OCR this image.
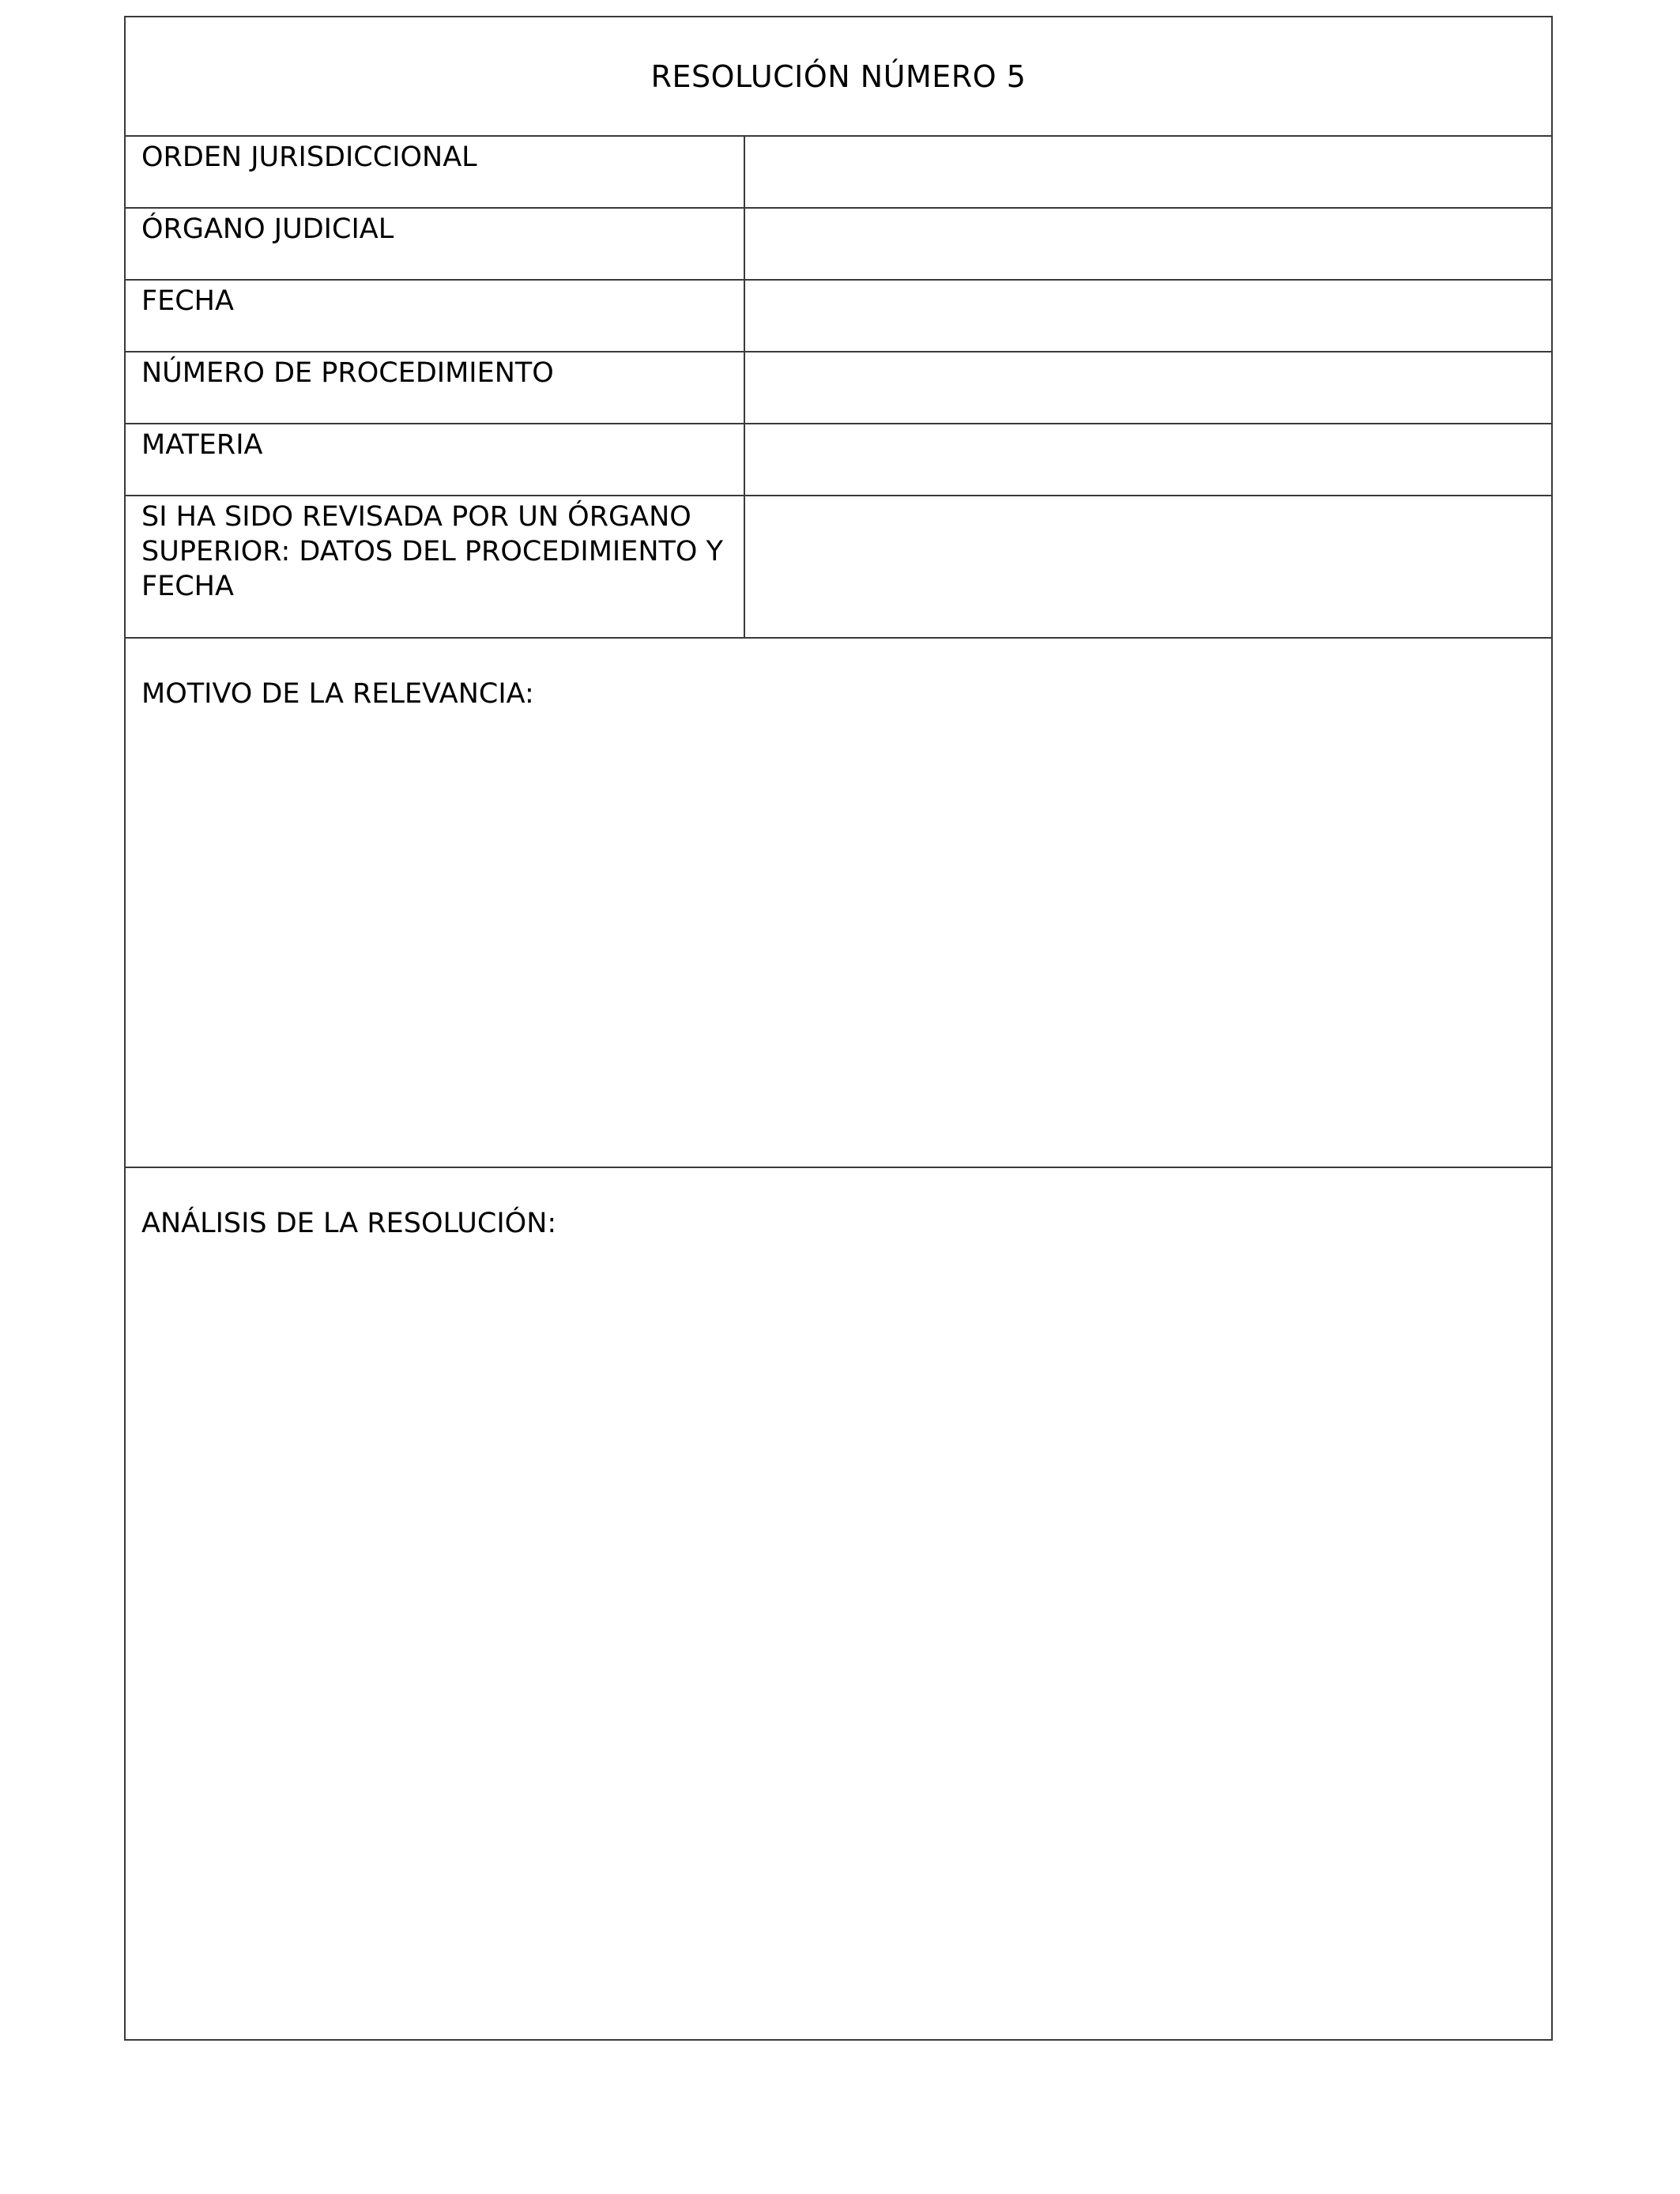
RESOLUCIÓN NÚMERO 5
ORDEN JURISDICCIONAL
ÓRGANO JUDICIAL
FECHA
NÚMERO DE PROCEDIMIENTO
MATERIA
SI HA SIDO REVISADA POR UN ÓRGANO SUPERIOR: DATOS DEL PROCEDIMIENTO Y FECHA
MOTIVO DE LA RELEVANCIA:
ANÁLISIS DE LA RESOLUCIÓN:
